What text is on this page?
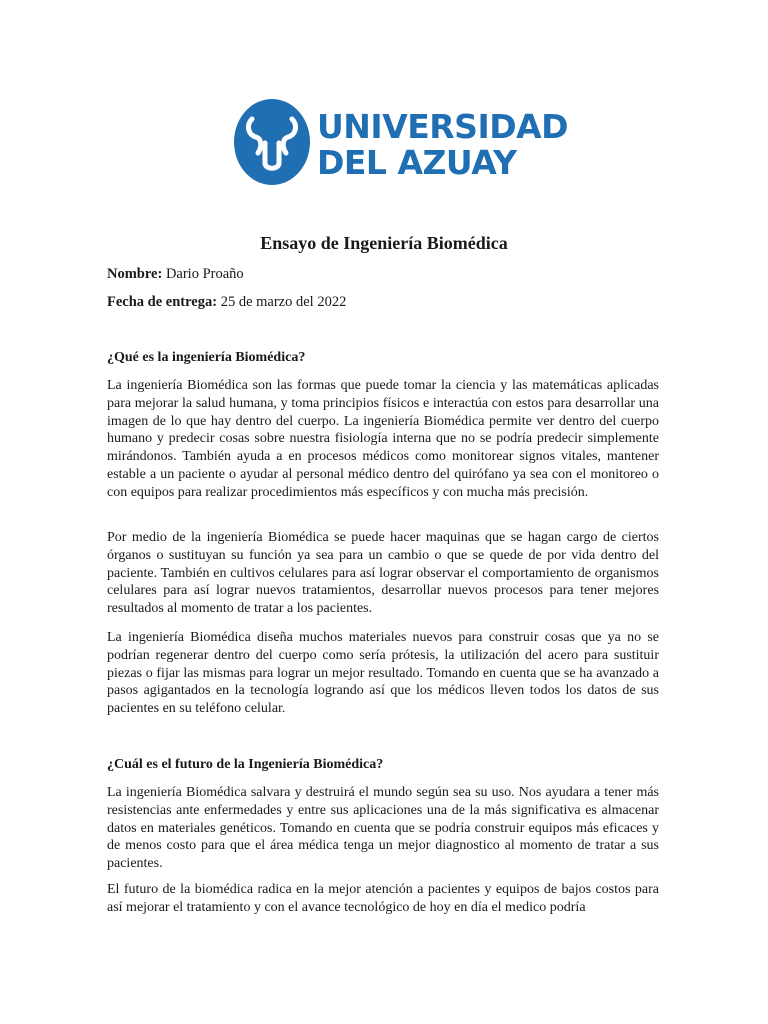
UNIVERSIDAD
DEL AZUAY
Ensayo de Ingeniería Biomédica
Nombre: Dario Proaño
Fecha de entrega: 25 de marzo del 2022
¿Qué es la ingeniería Biomédica?
La ingeniería Biomédica son las formas que puede tomar la ciencia y las matemáticas aplicadas para mejorar la salud humana, y toma principios físicos e interactúa con estos para desarrollar una imagen de lo que hay dentro del cuerpo. La ingeniería Biomédica permite ver dentro del cuerpo humano y predecir cosas sobre nuestra fisiología interna que no se podría predecir simplemente mirándonos. También ayuda a en procesos médicos como monitorear signos vitales, mantener estable a un paciente o ayudar al personal médico dentro del quirófano ya sea con el monitoreo o con equipos para realizar procedimientos más específicos y con mucha más precisión.
Por medio de la ingeniería Biomédica se puede hacer maquinas que se hagan cargo de ciertos órganos o sustituyan su función ya sea para un cambio o que se quede de por vida dentro del paciente. También en cultivos celulares para así lograr observar el comportamiento de organismos celulares para así lograr nuevos tratamientos, desarrollar nuevos procesos para tener mejores resultados al momento de tratar a los pacientes.
La ingeniería Biomédica diseña muchos materiales nuevos para construir cosas que ya no se podrían regenerar dentro del cuerpo como sería prótesis, la utilización del acero para sustituir piezas o fijar las mismas para lograr un mejor resultado. Tomando en cuenta que se ha avanzado a pasos agigantados en la tecnología logrando así que los médicos lleven todos los datos de sus pacientes en su teléfono celular.
¿Cuál es el futuro de la Ingeniería Biomédica?
La ingeniería Biomédica salvara y destruirá el mundo según sea su uso. Nos ayudara a tener más resistencias ante enfermedades y entre sus aplicaciones una de la más significativa es almacenar datos en materiales genéticos. Tomando en cuenta que se podría construir equipos más eficaces y de menos costo para que el área médica tenga un mejor diagnostico al momento de tratar a sus pacientes.
El futuro de la biomédica radica en la mejor atención a pacientes y equipos de bajos costos para así mejorar el tratamiento y con el avance tecnológico de hoy en día el medico podría
